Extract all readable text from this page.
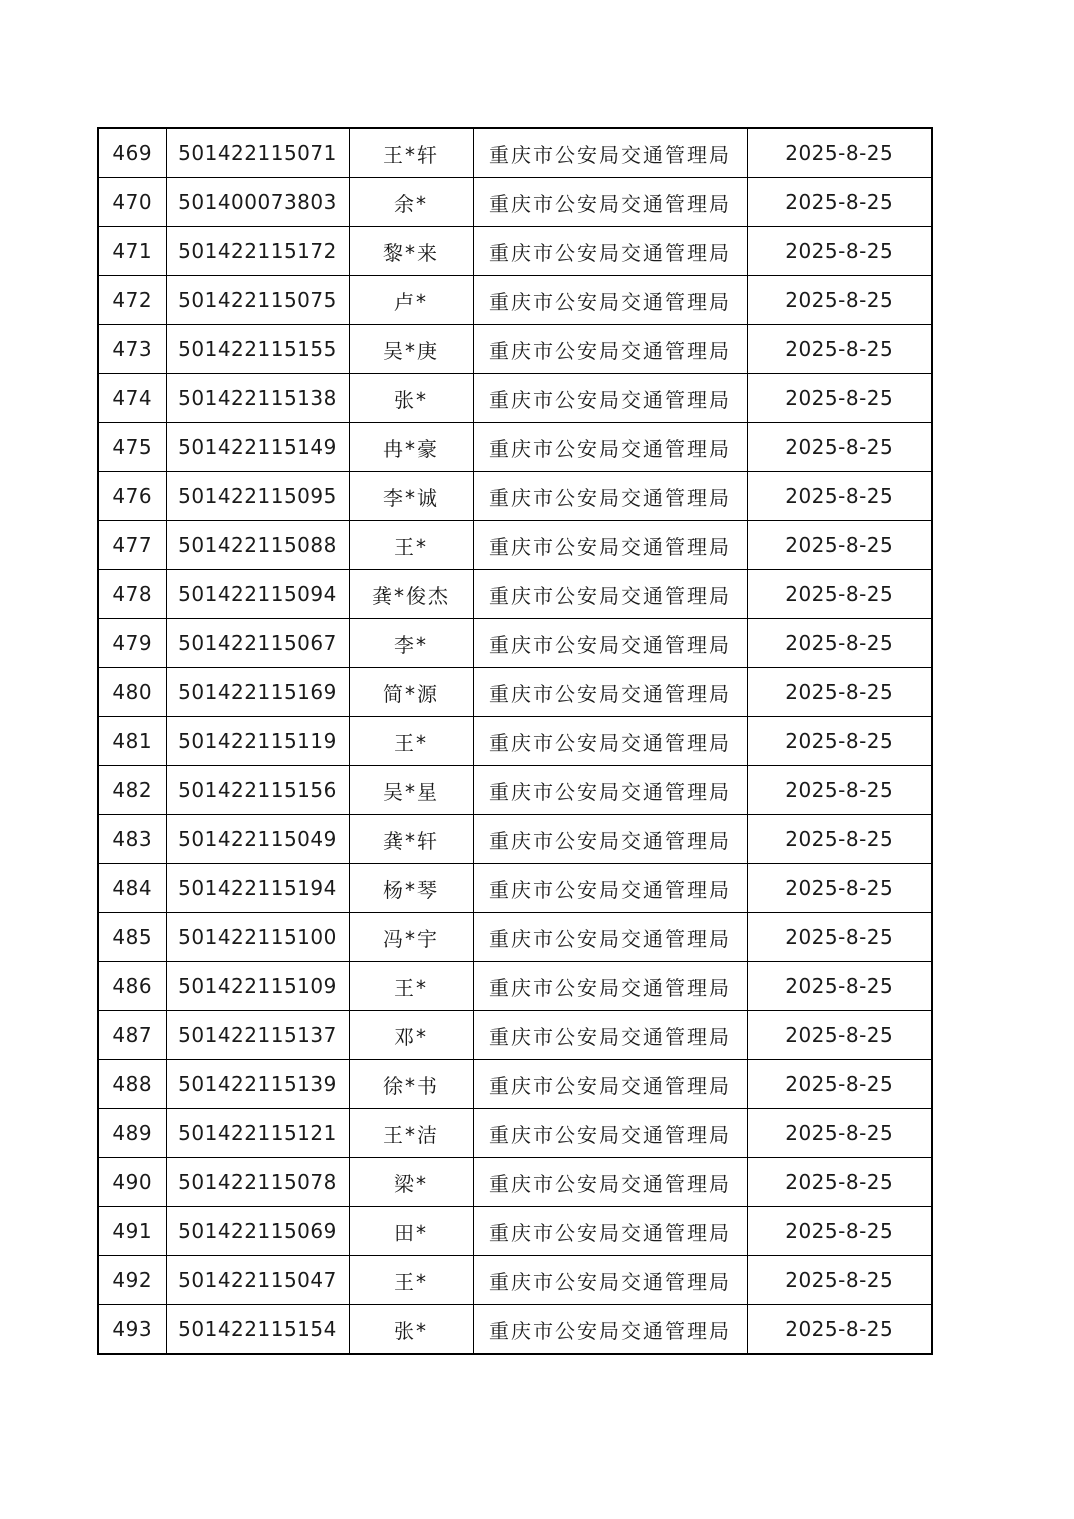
469	501422115071	王*轩	重庆市公安局交通管理局	2025-8-25
470	501400073803	余*	重庆市公安局交通管理局	2025-8-25
471	501422115172	黎*来	重庆市公安局交通管理局	2025-8-25
472	501422115075	卢*	重庆市公安局交通管理局	2025-8-25
473	501422115155	吴*庚	重庆市公安局交通管理局	2025-8-25
474	501422115138	张*	重庆市公安局交通管理局	2025-8-25
475	501422115149	冉*豪	重庆市公安局交通管理局	2025-8-25
476	501422115095	李*诚	重庆市公安局交通管理局	2025-8-25
477	501422115088	王*	重庆市公安局交通管理局	2025-8-25
478	501422115094	龚*俊杰	重庆市公安局交通管理局	2025-8-25
479	501422115067	李*	重庆市公安局交通管理局	2025-8-25
480	501422115169	简*源	重庆市公安局交通管理局	2025-8-25
481	501422115119	王*	重庆市公安局交通管理局	2025-8-25
482	501422115156	吴*星	重庆市公安局交通管理局	2025-8-25
483	501422115049	龚*轩	重庆市公安局交通管理局	2025-8-25
484	501422115194	杨*琴	重庆市公安局交通管理局	2025-8-25
485	501422115100	冯*宇	重庆市公安局交通管理局	2025-8-25
486	501422115109	王*	重庆市公安局交通管理局	2025-8-25
487	501422115137	邓*	重庆市公安局交通管理局	2025-8-25
488	501422115139	徐*书	重庆市公安局交通管理局	2025-8-25
489	501422115121	王*洁	重庆市公安局交通管理局	2025-8-25
490	501422115078	梁*	重庆市公安局交通管理局	2025-8-25
491	501422115069	田*	重庆市公安局交通管理局	2025-8-25
492	501422115047	王*	重庆市公安局交通管理局	2025-8-25
493	501422115154	张*	重庆市公安局交通管理局	2025-8-25
